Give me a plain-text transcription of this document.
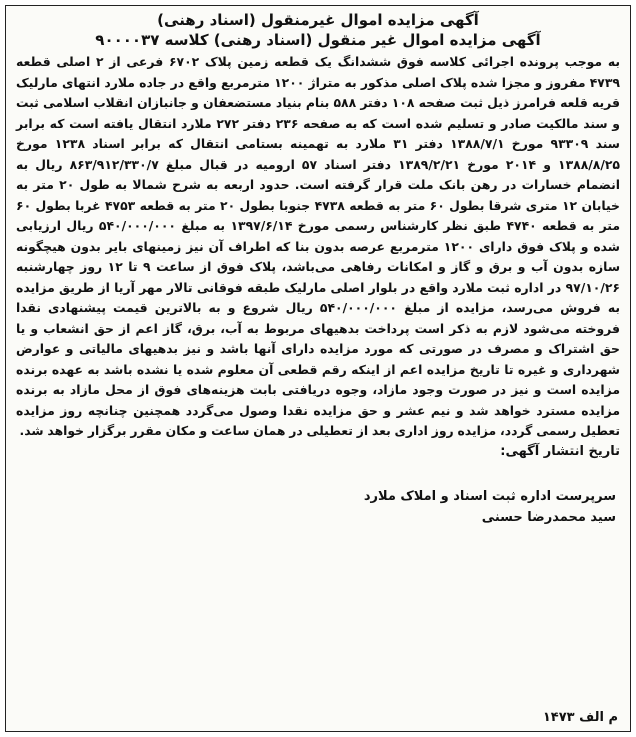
آگهی مزایده اموال غیرمنقول (اسناد رهنی)

آگهی مزایده اموال غیر منقول (اسناد رهنی) کلاسه ۹۰۰۰۰۳۷

به موجب پرونده اجرائی کلاسه فوق ششدانگ یک قطعه زمین پلاک ۶۷۰۲ فرعی از ۲ اصلی قطعه ۴۷۳۹ مفروز و مجزا شده پلاک اصلی مذکور به متراژ ۱۲۰۰ مترمربع واقع در جاده ملارد انتهای مارلیک قریه قلعه فرامرز ذیل ثبت صفحه ۱۰۸ دفتر ۵۸۸ بنام بنیاد مستضعفان و جانبازان انقلاب اسلامی ثبت و سند مالکیت صادر و تسلیم شده است که به صفحه ۲۳۶ دفتر ۲۷۲ ملارد انتقال یافته است که برابر سند ۹۳۳۰۹ مورخ ۱۳۸۸/۷/۱ دفتر ۳۱ ملارد به تهمینه بستامی انتقال که برابر اسناد ۱۲۳۸ مورخ ۱۳۸۸/۸/۲۵ و ۲۰۱۴ مورخ ۱۳۸۹/۲/۲۱ دفتر اسناد ۵۷ ارومیه در قبال مبلغ ۸۶۳/۹۱۲/۳۳۰/۷ ریال به انضمام خسارات در رهن بانک ملت قرار گرفته است. حدود اربعه به شرح شمالا به طول ۲۰ متر به خیابان ۱۲ متری شرقا بطول ۶۰ متر به قطعه ۴۷۳۸ جنوبا بطول ۲۰ متر به قطعه ۴۷۵۳ غربا بطول ۶۰ متر به قطعه ۴۷۴۰ طبق نظر کارشناس رسمی مورخ ۱۳۹۷/۶/۱۴ به مبلغ ۵۴۰/۰۰۰/۰۰۰ ریال ارزیابی شده و پلاک فوق دارای ۱۲۰۰ مترمربع عرصه بدون بنا که اطراف آن نیز زمینهای بایر بدون هیچگونه سازه بدون آب و برق و گاز و امکانات رفاهی می‌باشد، پلاک فوق از ساعت ۹ تا ۱۲ روز چهارشنبه ۹۷/۱۰/۲۶ در اداره ثبت ملارد واقع در بلوار اصلی مارلیک طبقه فوقانی تالار مهر آریا از طریق مزایده به فروش می‌رسد، مزایده از مبلغ ۵۴۰/۰۰۰/۰۰۰ ریال شروع و به بالاترین قیمت پیشنهادی نقدا فروخته می‌شود لازم به ذکر است پرداخت بدهیهای مربوط به آب، برق، گاز اعم از حق انشعاب و یا حق اشتراک و مصرف در صورتی که مورد مزایده دارای آنها باشد و نیز بدهیهای مالیاتی و عوارض شهرداری و غیره تا تاریخ مزایده اعم از اینکه رقم قطعی آن معلوم شده یا نشده باشد به عهده برنده مزایده است و نیز در صورت وجود مازاد، وجوه دریافتی بابت هزینه‌های فوق از محل مازاد به برنده مزایده مسترد خواهد شد و نیم عشر و حق مزایده نقدا وصول می‌گردد همچنین چنانچه روز مزایده تعطیل رسمی گردد، مزایده روز اداری بعد از تعطیلی در همان ساعت و مکان مقرر برگزار خواهد شد.

تاریخ انتشار آگهی:

سرپرست اداره ثبت اسناد و املاک ملارد

سید محمدرضا حسنی

م الف ۱۴۷۳
